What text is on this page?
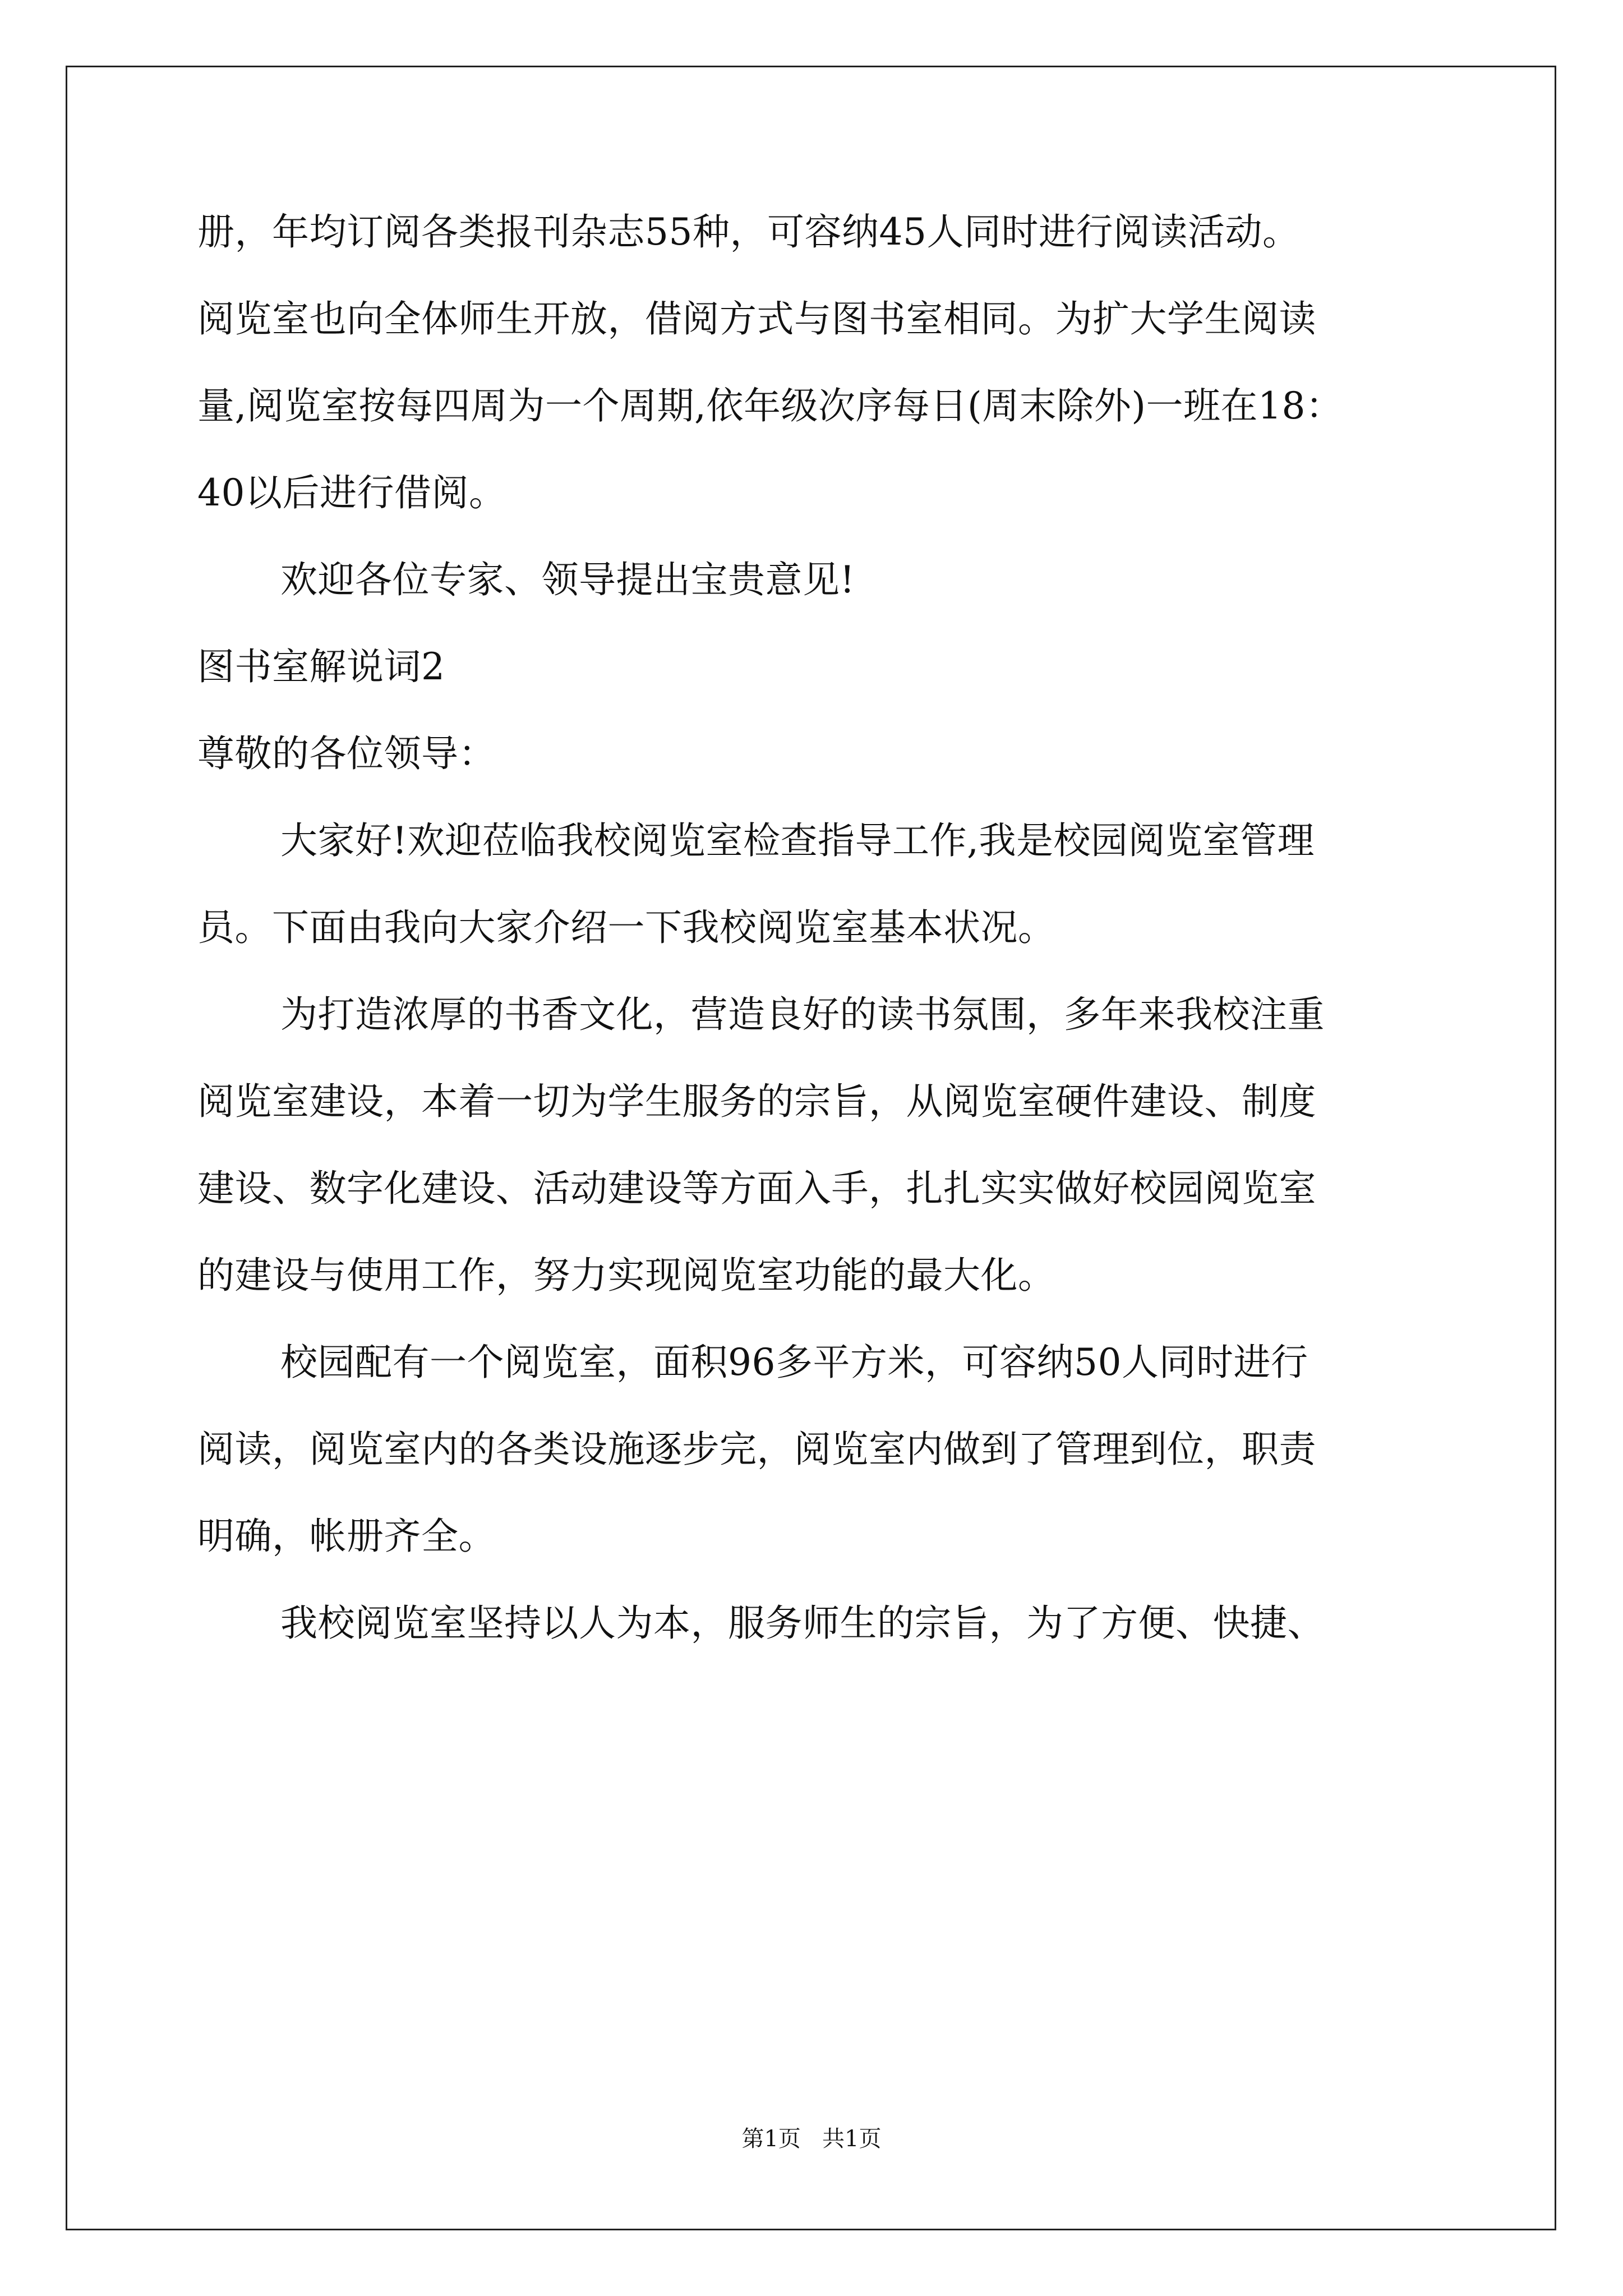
册，年均订阅各类报刊杂志55种，可容纳45人同时进行阅读活动。
阅览室也向全体师生开放，借阅方式与图书室相同。为扩大学生阅读
量,阅览室按每四周为一个周期,依年级次序每日(周末除外)一班在18：
40以后进行借阅。
欢迎各位专家、领导提出宝贵意见!
图书室解说词2
尊敬的各位领导：
大家好!欢迎莅临我校阅览室检查指导工作,我是校园阅览室管理
员。下面由我向大家介绍一下我校阅览室基本状况。
为打造浓厚的书香文化，营造良好的读书氛围，多年来我校注重
阅览室建设，本着一切为学生服务的宗旨，从阅览室硬件建设、制度
建设、数字化建设、活动建设等方面入手，扎扎实实做好校园阅览室
的建设与使用工作，努力实现阅览室功能的最大化。
校园配有一个阅览室，面积96多平方米，可容纳50人同时进行
阅读，阅览室内的各类设施逐步完，阅览室内做到了管理到位，职责
明确，帐册齐全。
我校阅览室坚持以人为本，服务师生的宗旨，为了方便、快捷、
第1页   共1页
